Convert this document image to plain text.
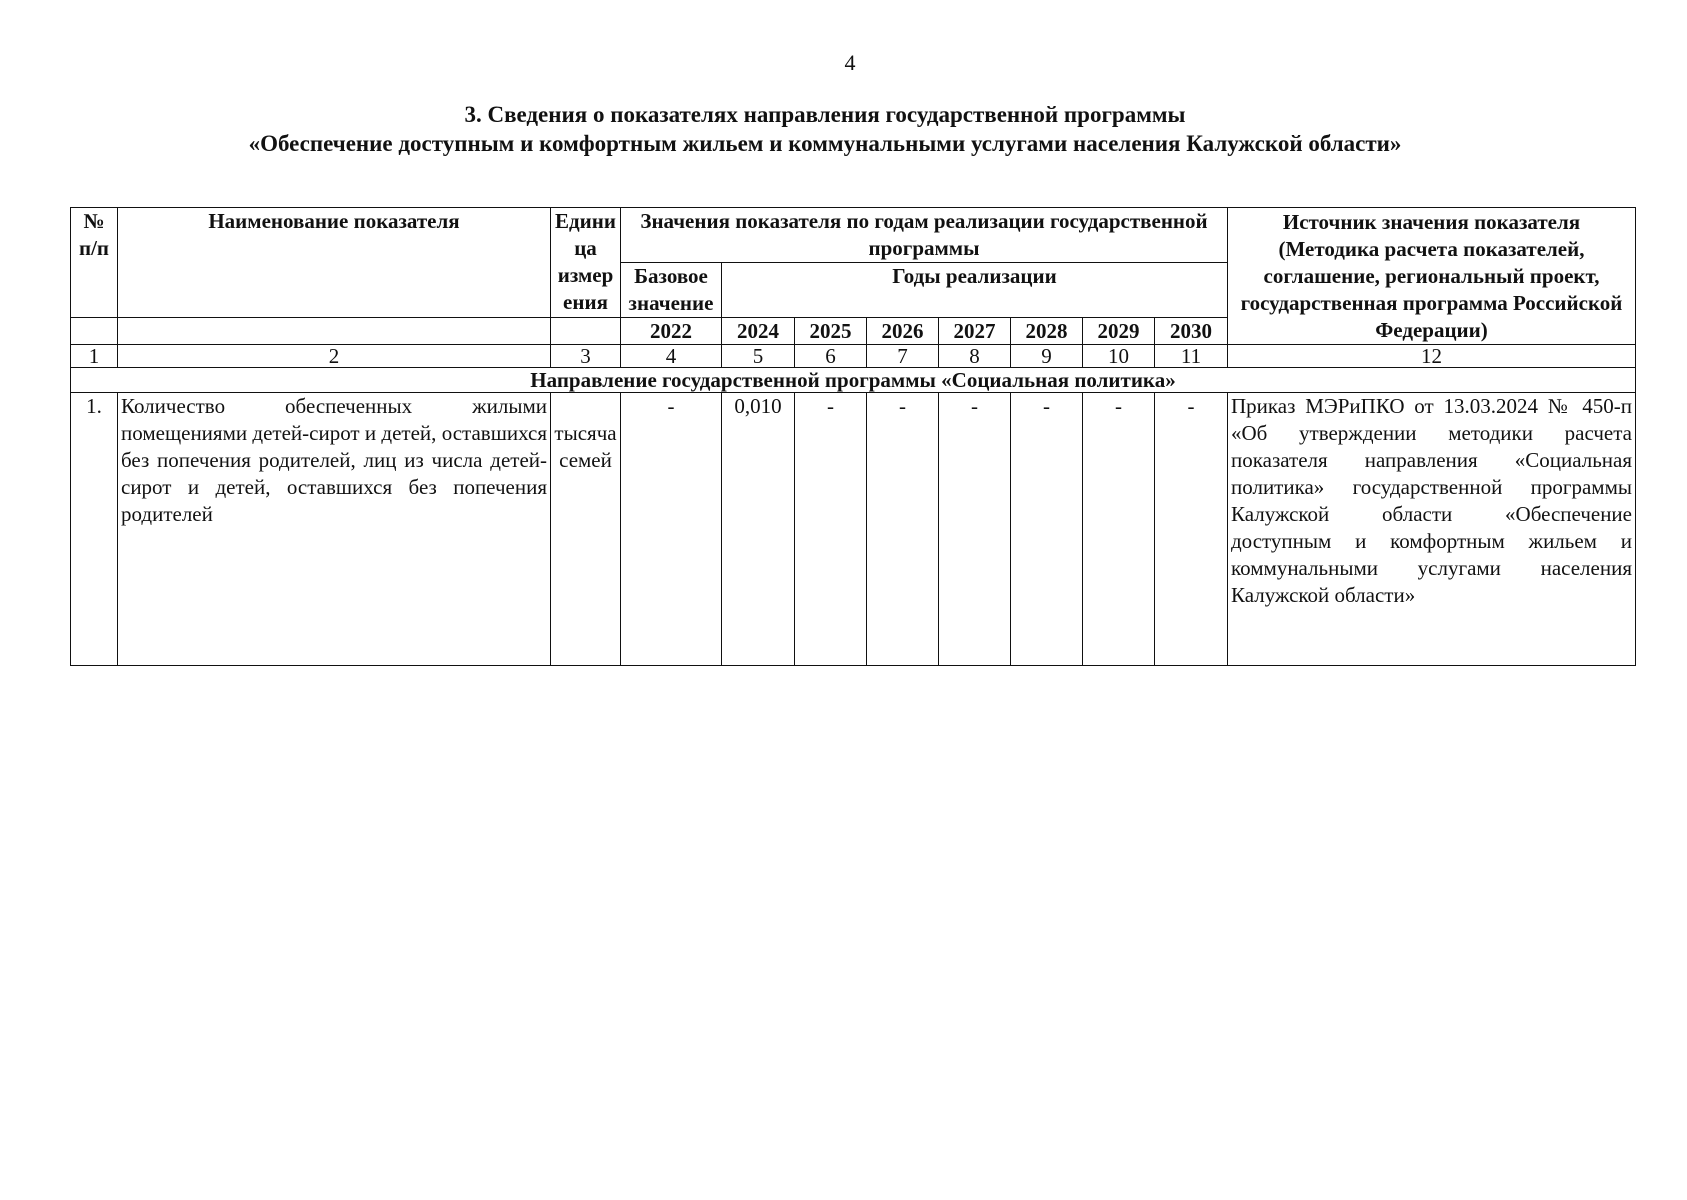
4
3. Сведения о показателях направления государственной программы
«Обеспечение доступным и комфортным жильем и коммунальными услугами населения Калужской области»
№ п/п	Наименование показателя	Едини ца измер ения	Значения показателя по годам реализации государственной программы								Источник значения показателя (Методика расчета показателей, соглашение, региональный проект, государственная программа Российской Федерации)
			Базовое значение	Годы реализации							

			2022	2024	2025	2026	2027	2028	2029	2030	
1	2	3	4	5	6	7	8	9	10	11	12
Направление государственной программы «Социальная политика»											
1.	Количество обеспеченных жилыми помещениями детей-сирот и детей, оставшихся без попечения родителей, лиц из числа детей-сирот и детей, оставшихся без попечения родителей	тысяча семей	-	0,010	-	-	-	-	-	-	Приказ МЭРиПКО от 13.03.2024 № 450-п «Об утверждении методики расчета показателя направления «Социальная политика» государственной программы Калужской области «Обеспечение доступным и комфортным жильем и коммунальными услугами населения Калужской области»
